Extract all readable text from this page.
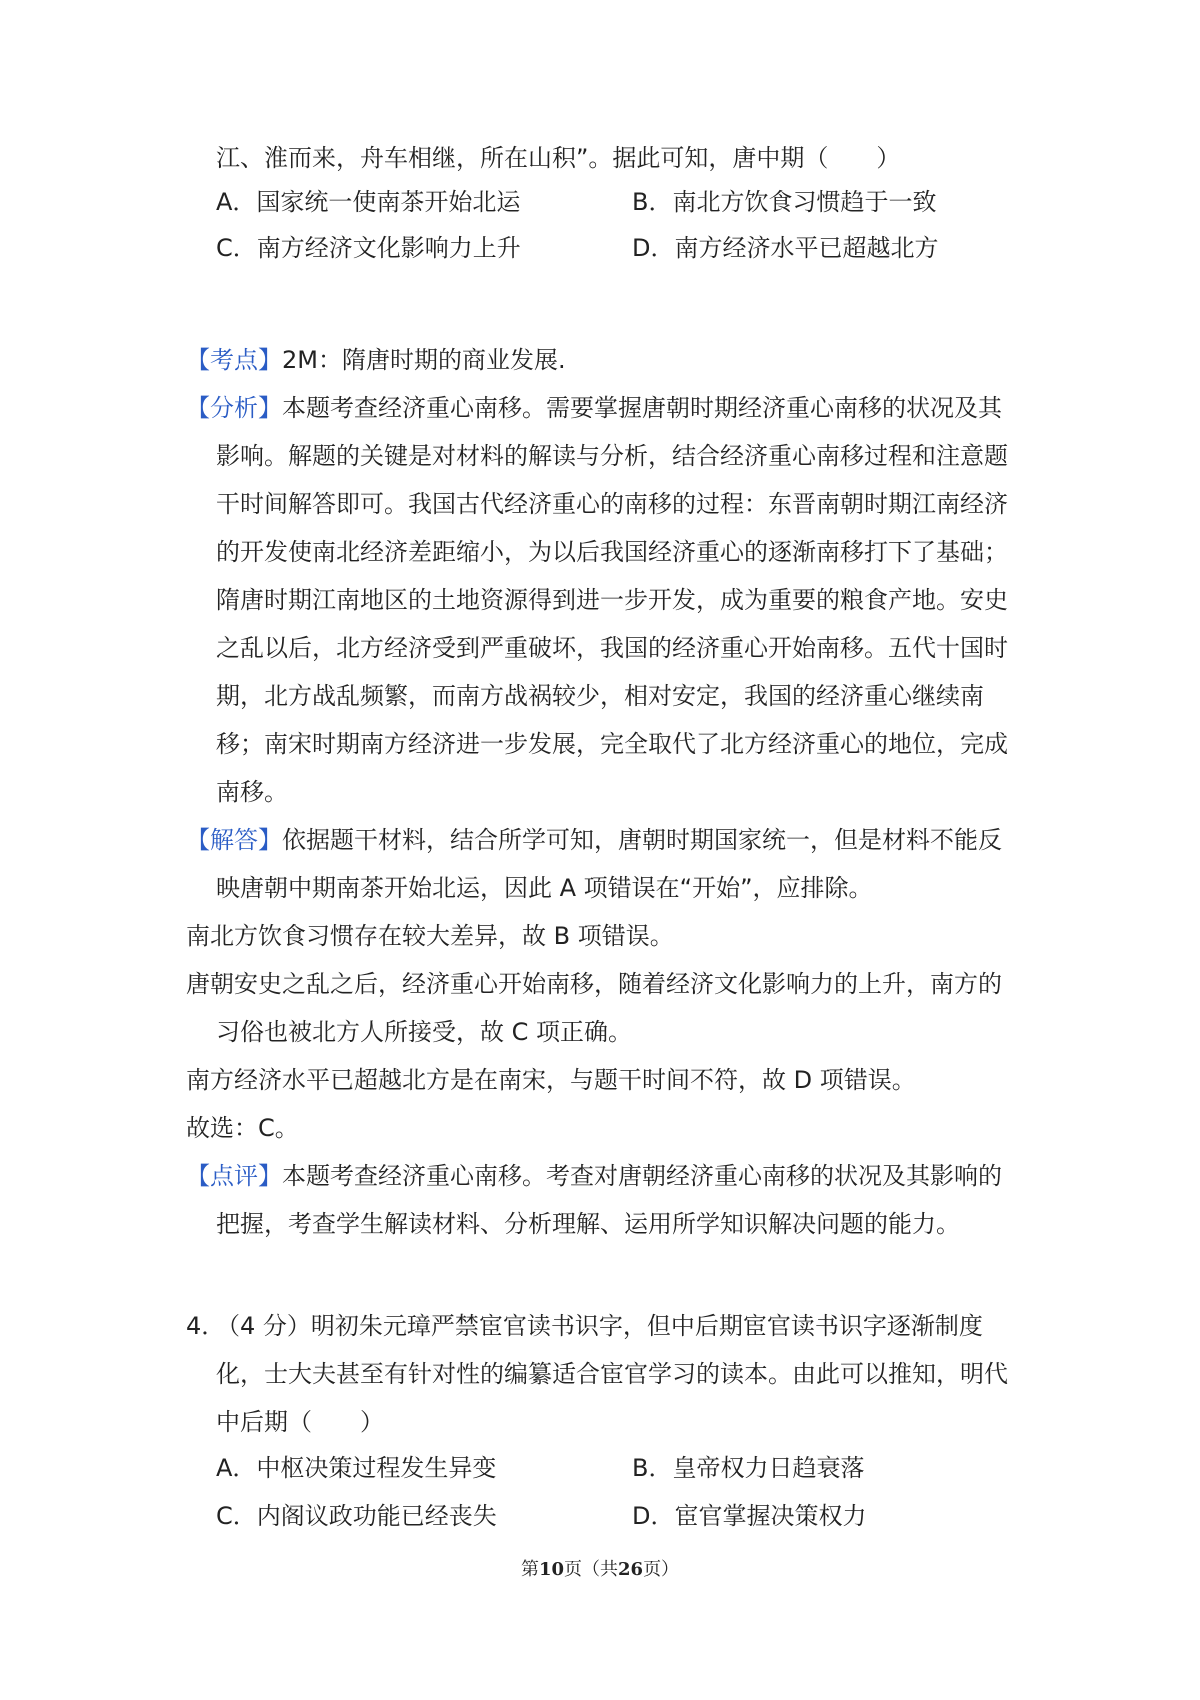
江、淮而来，舟车相继，所在山积”。据此可知，唐中期（　　）
A．国家统一使南茶开始北运	B．南北方饮食习惯趋于一致
C．南方经济文化影响力上升	D．南方经济水平已超越北方
【考点】2M：隋唐时期的商业发展.
【分析】本题考查经济重心南移。需要掌握唐朝时期经济重心南移的状况及其
影响。解题的关键是对材料的解读与分析，结合经济重心南移过程和注意题
干时间解答即可。我国古代经济重心的南移的过程：东晋南朝时期江南经济
的开发使南北经济差距缩小，为以后我国经济重心的逐渐南移打下了基础；
隋唐时期江南地区的土地资源得到进一步开发，成为重要的粮食产地。安史
之乱以后，北方经济受到严重破坏，我国的经济重心开始南移。五代十国时
期，北方战乱频繁，而南方战祸较少，相对安定，我国的经济重心继续南
移；南宋时期南方经济进一步发展，完全取代了北方经济重心的地位，完成
南移。
【解答】依据题干材料，结合所学可知，唐朝时期国家统一，但是材料不能反
映唐朝中期南茶开始北运，因此 A 项错误在“开始”，应排除。
南北方饮食习惯存在较大差异，故 B 项错误。
唐朝安史之乱之后，经济重心开始南移，随着经济文化影响力的上升，南方的
习俗也被北方人所接受，故 C 项正确。
南方经济水平已超越北方是在南宋，与题干时间不符，故 D 项错误。
故选：C。
【点评】本题考查经济重心南移。考查对唐朝经济重心南移的状况及其影响的
把握，考查学生解读材料、分析理解、运用所学知识解决问题的能力。
4．（4 分）明初朱元璋严禁宦官读书识字，但中后期宦官读书识字逐渐制度
化，士大夫甚至有针对性的编纂适合宦官学习的读本。由此可以推知，明代
中后期（　　）
A．中枢决策过程发生异变	B．皇帝权力日趋衰落
C．内阁议政功能已经丧失	D．宦官掌握决策权力
第10页（共26页）
